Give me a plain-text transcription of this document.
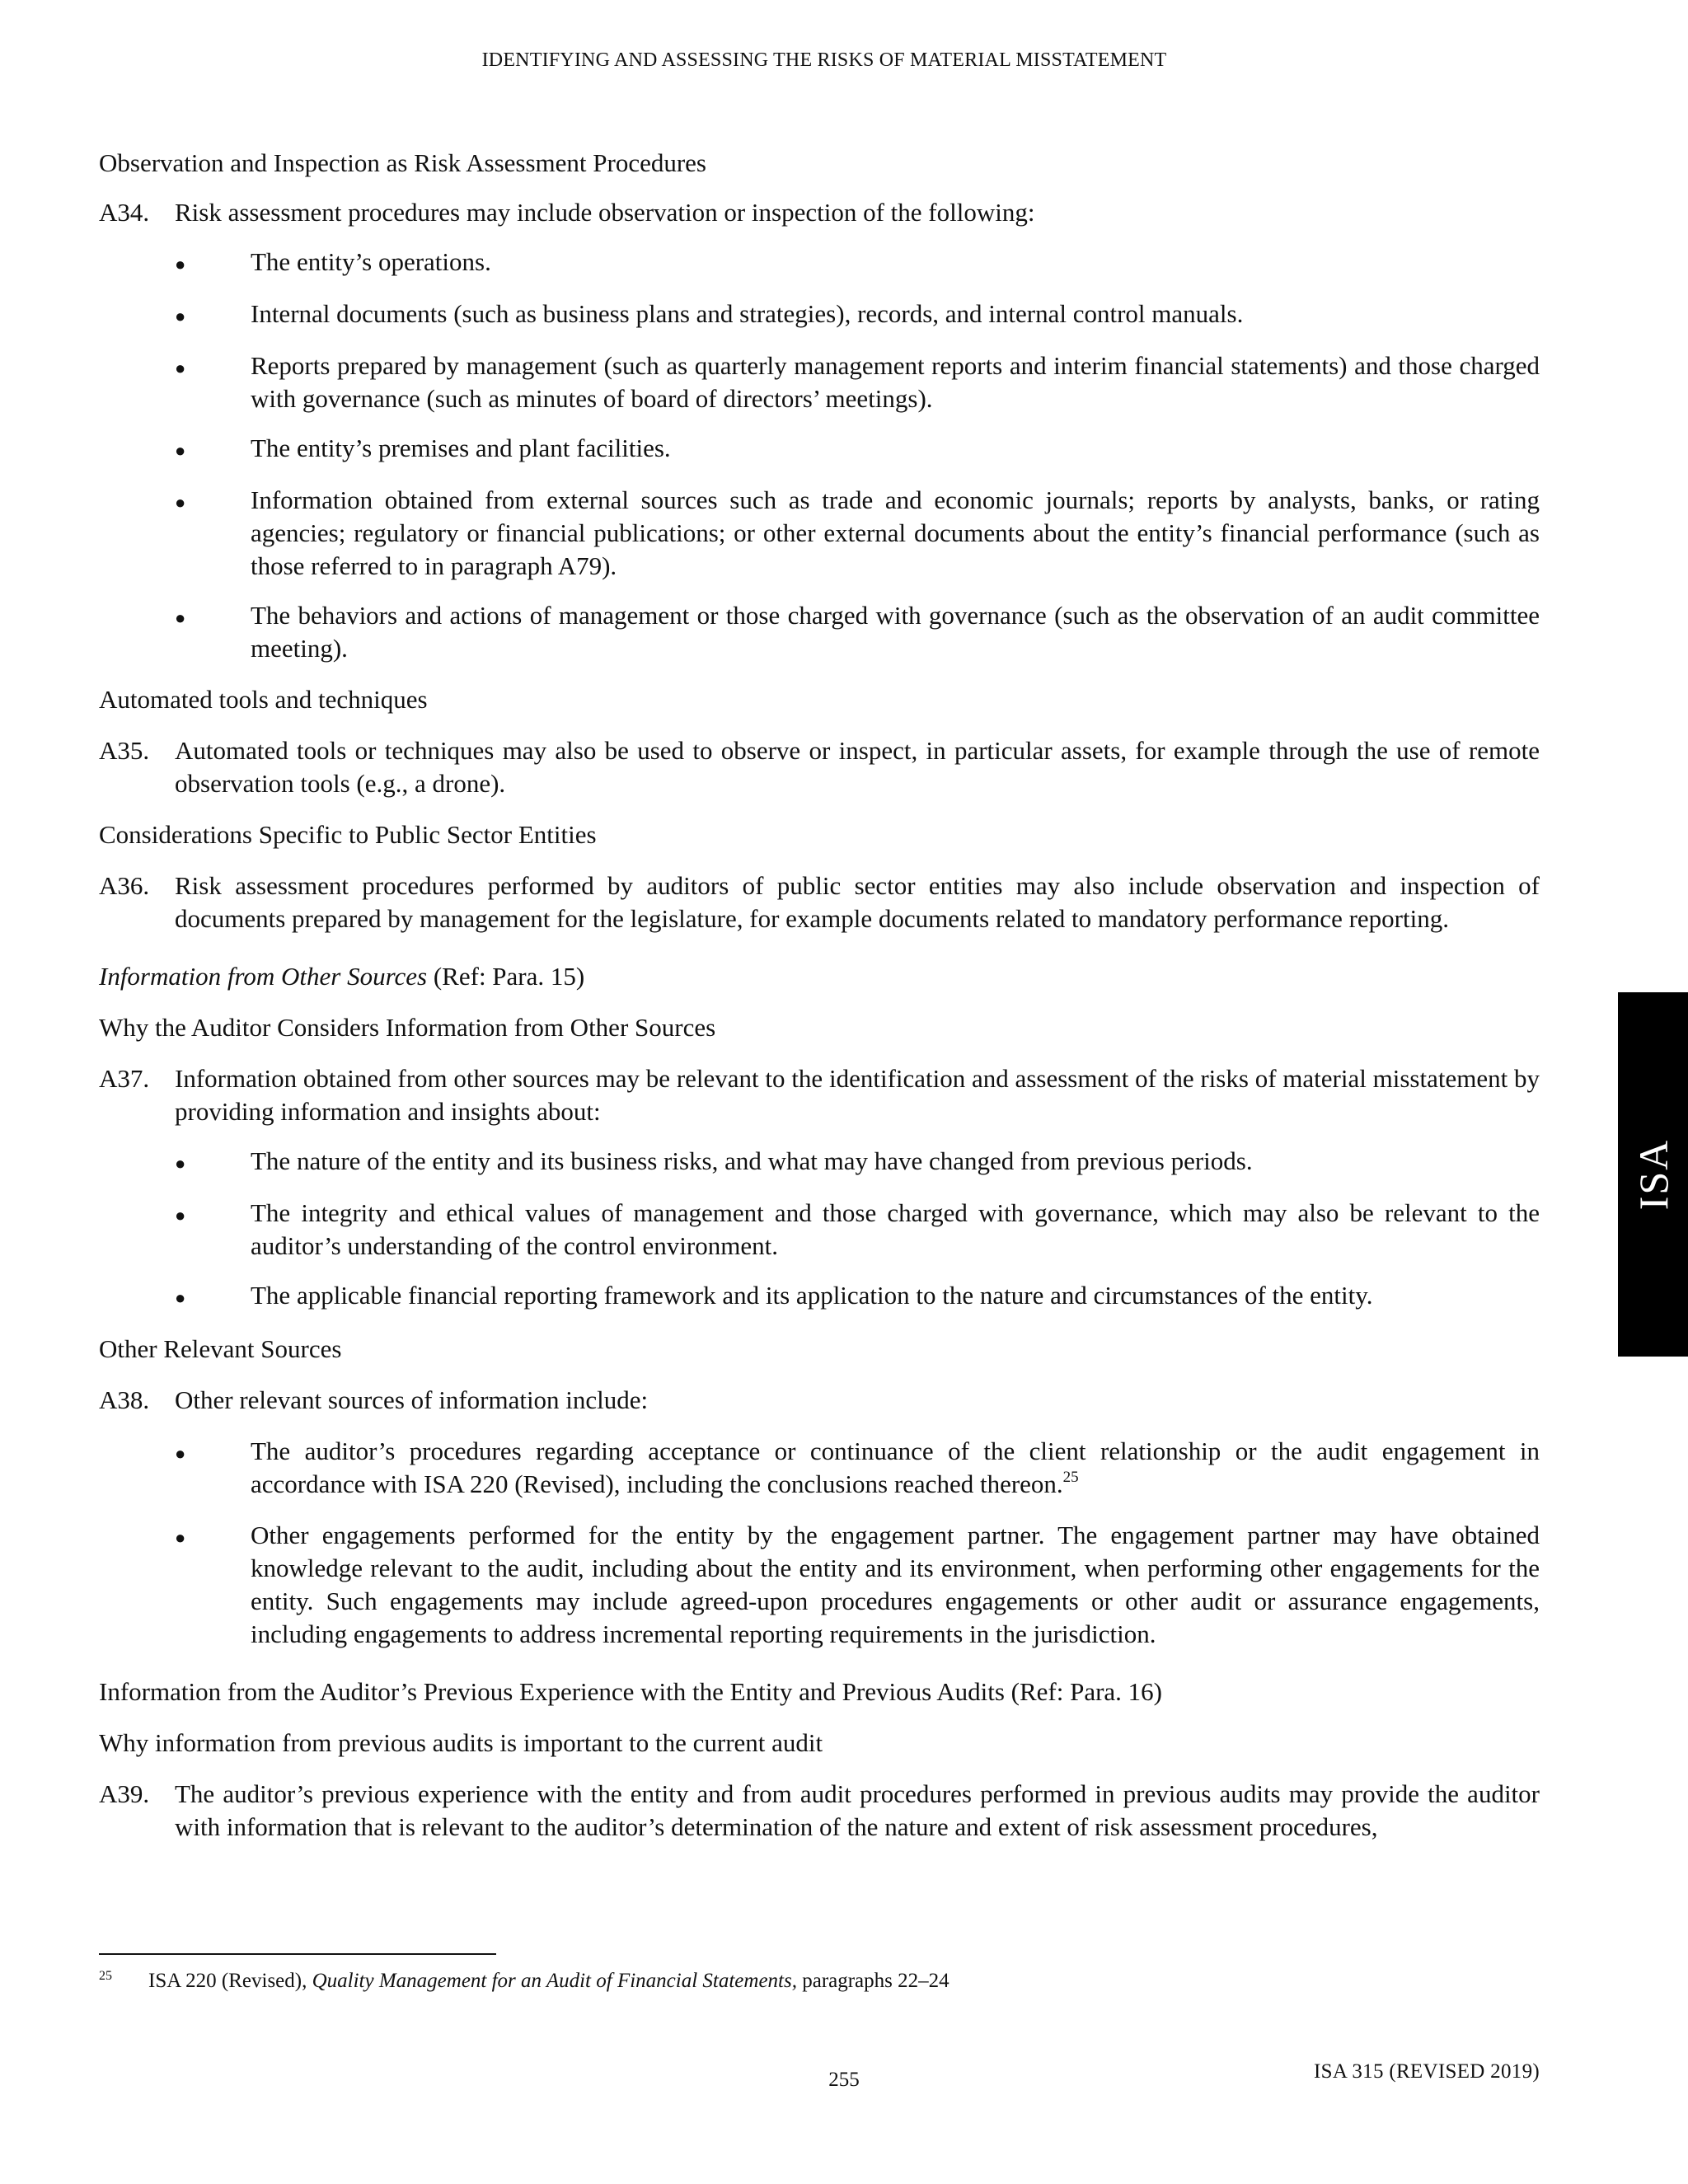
IDENTIFYING AND ASSESSING THE RISKS OF MATERIAL MISSTATEMENT

Observation and Inspection as Risk Assessment Procedures

A34. Risk assessment procedures may include observation or inspection of the following:
●	The entity’s operations.
●	Internal documents (such as business plans and strategies), records, and internal control manuals.
●	Reports prepared by management (such as quarterly management reports and interim financial statements) and those charged with governance (such as minutes of board of directors’ meetings).
●	The entity’s premises and plant facilities.
●	Information obtained from external sources such as trade and economic journals; reports by analysts, banks, or rating agencies; regulatory or financial publications; or other external documents about the entity’s financial performance (such as those referred to in paragraph A79).
●	The behaviors and actions of management or those charged with governance (such as the observation of an audit committee meeting).

Automated tools and techniques

A35. Automated tools or techniques may also be used to observe or inspect, in particular assets, for example through the use of remote observation tools (e.g., a drone).

Considerations Specific to Public Sector Entities

A36. Risk assessment procedures performed by auditors of public sector entities may also include observation and inspection of documents prepared by management for the legislature, for example documents related to mandatory performance reporting.

Information from Other Sources (Ref: Para. 15)

Why the Auditor Considers Information from Other Sources

A37. Information obtained from other sources may be relevant to the identification and assessment of the risks of material misstatement by providing information and insights about:
●	The nature of the entity and its business risks, and what may have changed from previous periods.
●	The integrity and ethical values of management and those charged with governance, which may also be relevant to the auditor’s understanding of the control environment.
●	The applicable financial reporting framework and its application to the nature and circumstances of the entity.

Other Relevant Sources

A38. Other relevant sources of information include:
●	The auditor’s procedures regarding acceptance or continuance of the client relationship or the audit engagement in accordance with ISA 220 (Revised), including the conclusions reached thereon.$^{25}$
●	Other engagements performed for the entity by the engagement partner. The engagement partner may have obtained knowledge relevant to the audit, including about the entity and its environment, when performing other engagements for the entity. Such engagements may include agreed-upon procedures engagements or other audit or assurance engagements, including engagements to address incremental reporting requirements in the jurisdiction.

Information from the Auditor’s Previous Experience with the Entity and Previous Audits (Ref: Para. 16)

Why information from previous audits is important to the current audit

A39. The auditor’s previous experience with the entity and from audit procedures performed in previous audits may provide the auditor with information that is relevant to the auditor’s determination of the nature and extent of risk assessment procedures,
ISA
25	ISA 220 (Revised), Quality Management for an Audit of Financial Statements, paragraphs 22–24
255	ISA 315 (REVISED 2019)
